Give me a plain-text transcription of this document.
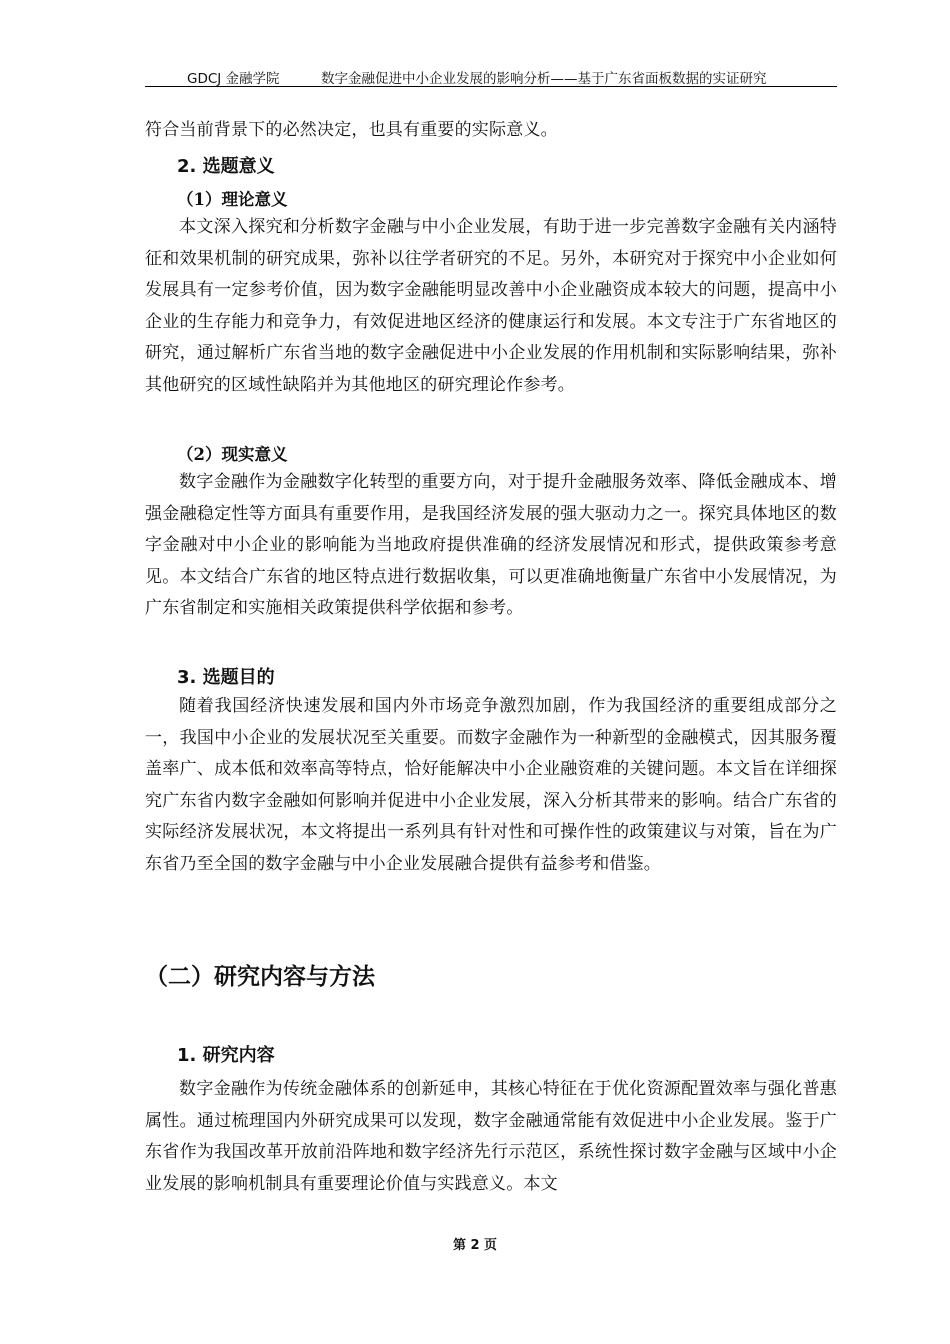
GDCJ 金融学院	数字金融促进中小企业发展的影响分析——基于广东省面板数据的实证研究

符合当前背景下的必然决定，也具有重要的实际意义。

2. 选题意义
（1）理论意义

本文深入探究和分析数字金融与中小企业发展，有助于进一步完善数字金融有关内涵特征和效果机制的研究成果，弥补以往学者研究的不足。另外，本研究对于探究中小企业如何发展具有一定参考价值，因为数字金融能明显改善中小企业融资成本较大的问题，提高中小企业的生存能力和竞争力，有效促进地区经济的健康运行和发展。本文专注于广东省地区的研究，通过解析广东省当地的数字金融促进中小企业发展的作用机制和实际影响结果，弥补其他研究的区域性缺陷并为其他地区的研究理论作参考。

（2）现实意义

数字金融作为金融数字化转型的重要方向，对于提升金融服务效率、降低金融成本、增强金融稳定性等方面具有重要作用，是我国经济发展的强大驱动力之一。探究具体地区的数字金融对中小企业的影响能为当地政府提供准确的经济发展情况和形式，提供政策参考意见。本文结合广东省的地区特点进行数据收集，可以更准确地衡量广东省中小发展情况，为广东省制定和实施相关政策提供科学依据和参考。

3. 选题目的

随着我国经济快速发展和国内外市场竞争激烈加剧，作为我国经济的重要组成部分之一，我国中小企业的发展状况至关重要。而数字金融作为一种新型的金融模式，因其服务覆盖率广、成本低和效率高等特点，恰好能解决中小企业融资难的关键问题。本文旨在详细探究广东省内数字金融如何影响并促进中小企业发展，深入分析其带来的影响。结合广东省的实际经济发展状况，本文将提出一系列具有针对性和可操作性的政策建议与对策，旨在为广东省乃至全国的数字金融与中小企业发展融合提供有益参考和借鉴。

（二）研究内容与方法
1. 研究内容

数字金融作为传统金融体系的创新延申，其核心特征在于优化资源配置效率与强化普惠属性。通过梳理国内外研究成果可以发现，数字金融通常能有效促进中小企业发展。鉴于广东省作为我国改革开放前沿阵地和数字经济先行示范区，系统性探讨数字金融与区域中小企业发展的影响机制具有重要理论价值与实践意义。本文

第 2 页
